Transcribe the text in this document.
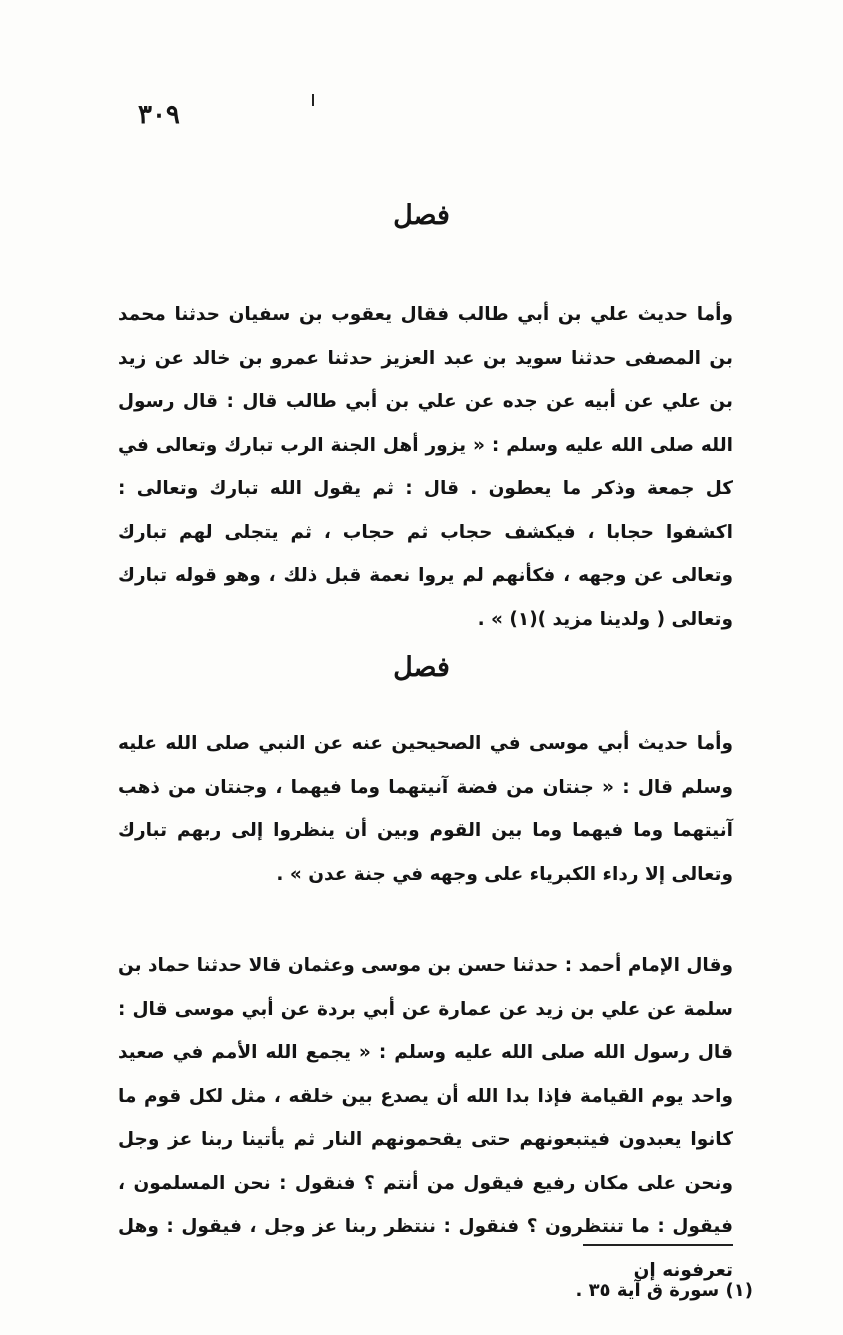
٣٠٩
فصل
وأما حديث علي بن أبي طالب فقال يعقوب بن سفيان حدثنا محمد بن المصفى حدثنا سويد بن عبد العزيز حدثنا عمرو بن خالد عن زيد بن علي عن أبيه عن جده عن علي بن أبي طالب قال : قال رسول الله صلى الله عليه وسلم : « يزور أهل الجنة الرب تبارك وتعالى في كل جمعة وذكر ما يعطون . قال : ثم يقول الله تبارك وتعالى : اكشفوا حجابا ، فيكشف حجاب ثم حجاب ، ثم يتجلى لهم تبارك وتعالى عن وجهه ، فكأنهم لم يروا نعمة قبل ذلك ، وهو قوله تبارك وتعالى ( ولدينا مزيد )(١) » .
فصل
وأما حديث أبي موسى في الصحيحين عنه عن النبي صلى الله عليه وسلم قال : « جنتان من فضة آنيتهما وما فيهما ، وجنتان من ذهب آنيتهما وما فيهما وما بين القوم وبين أن ينظروا إلى ربهم تبارك وتعالى إلا رداء الكبرياء على وجهه في جنة عدن » .
وقال الإمام أحمد : حدثنا حسن بن موسى وعثمان قالا حدثنا حماد بن سلمة عن علي بن زيد عن عمارة عن أبي بردة عن أبي موسى قال : قال رسول الله صلى الله عليه وسلم : « يجمع الله الأمم في صعيد واحد يوم القيامة فإذا بدا الله أن يصدع بين خلقه ، مثل لكل قوم ما كانوا يعبدون فيتبعونهم حتى يقحمونهم النار ثم يأتينا ربنا عز وجل ونحن على مكان رفيع فيقول من أنتم ؟ فنقول : نحن المسلمون ، فيقول : ما تنتظرون ؟ فنقول : ننتظر ربنا عز وجل ، فيقول : وهل تعرفونه إن
(١) سورة ق آية ٣٥ .
